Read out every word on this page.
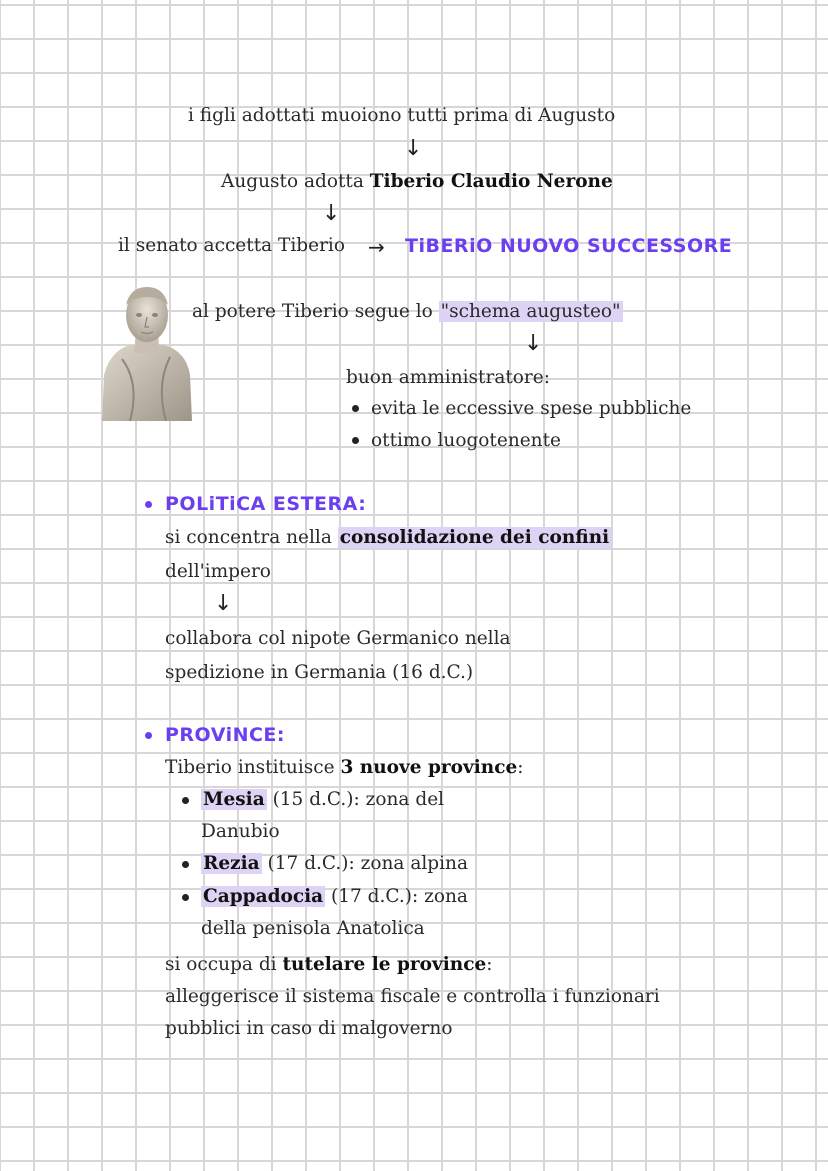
i figli adottati muoiono tutti prima di Augusto
↓
Augusto adotta Tiberio Claudio Nerone
↓
il senato accetta Tiberio → TiBERiO NUOVO SUCCESSORE
al potere Tiberio segue lo "schema augusteo"
↓
buon amministratore:
evita le eccessive spese pubbliche
ottimo luogotenente
POLiTiCA ESTERA:
si concentra nella consolidazione dei confini
dell'impero
↓
collabora col nipote Germanico nella
spedizione in Germania (16 d.C.)
PROViNCE:
Tiberio instituisce 3 nuove province:
Mesia (15 d.C.): zona del
Danubio
Rezia (17 d.C.): zona alpina
Cappadocia (17 d.C.): zona
della penisola Anatolica
si occupa di tutelare le province:
alleggerisce il sistema fiscale e controlla i funzionari
pubblici in caso di malgoverno
